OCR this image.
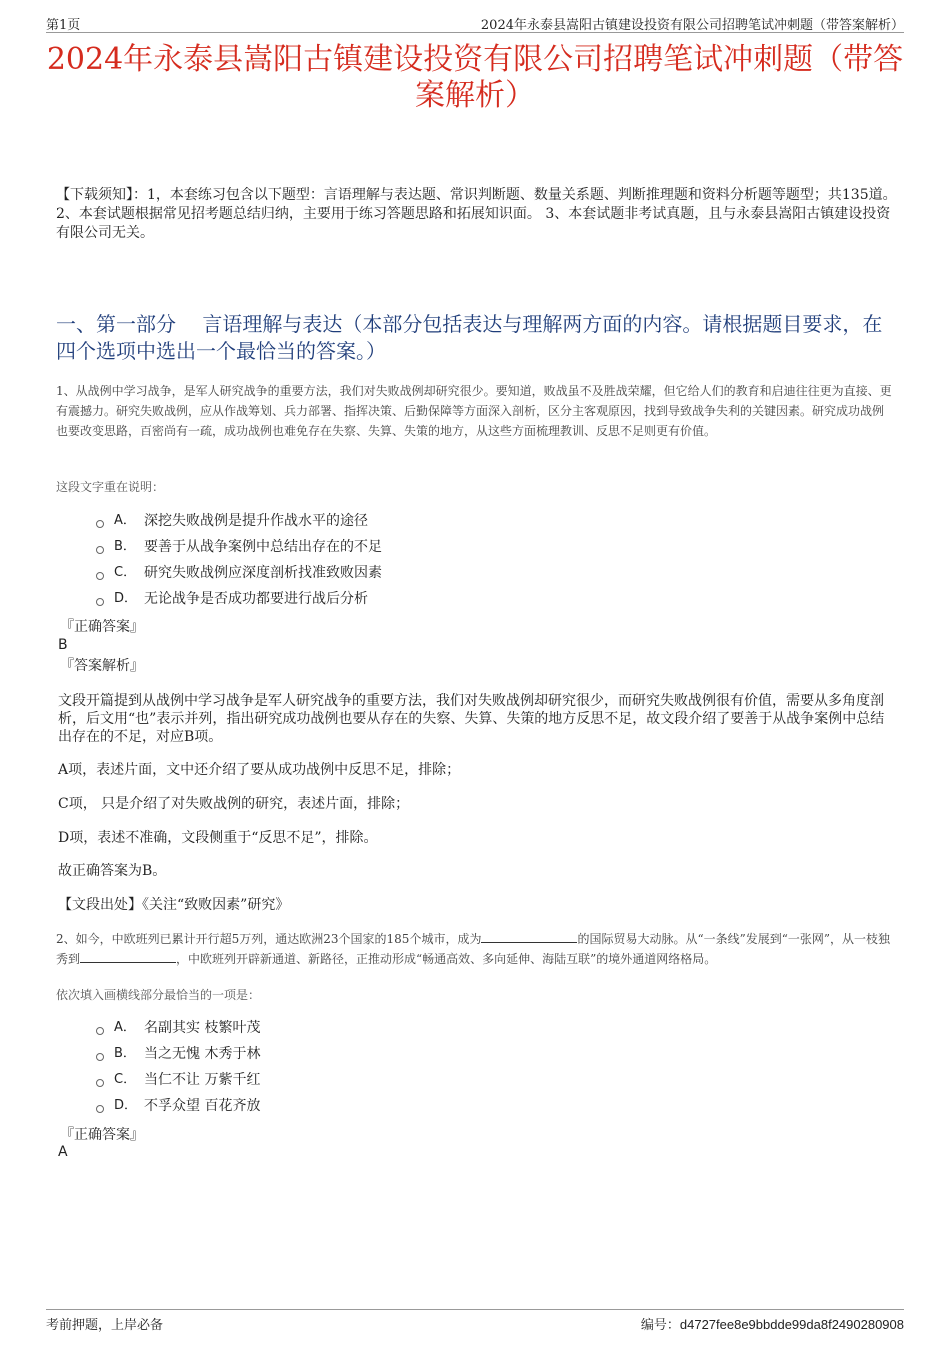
第1页	2024年永泰县嵩阳古镇建设投资有限公司招聘笔试冲刺题（带答案解析）
2024年永泰县嵩阳古镇建设投资有限公司招聘笔试冲刺题（带答案解析）
【下载须知】：1，本套练习包含以下题型：言语理解与表达题、常识判断题、数量关系题、判断推理题和资料分析题等题型；共135道。 2、本套试题根据常见招考题总结归纳，主要用于练习答题思路和拓展知识面。 3、本套试题非考试真题，且与永泰县嵩阳古镇建设投资有限公司无关。
一、第一部分　 言语理解与表达（本部分包括表达与理解两方面的内容。请根据题目要求，在四个选项中选出一个最恰当的答案。）
1、从战例中学习战争，是军人研究战争的重要方法，我们对失败战例却研究很少。要知道，败战虽不及胜战荣耀，但它给人们的教育和启迪往往更为直接、更有震撼力。研究失败战例，应从作战筹划、兵力部署、指挥决策、后勤保障等方面深入剖析，区分主客观原因，找到导致战争失利的关键因素。研究成功战例也要改变思路，百密尚有一疏，成功战例也难免存在失察、失算、失策的地方，从这些方面梳理教训、反思不足则更有价值。
这段文字重在说明：
A． 深挖失败战例是提升作战水平的途径
B． 要善于从战争案例中总结出存在的不足
C． 研究失败战例应深度剖析找准致败因素
D． 无论战争是否成功都要进行战后分析
『正确答案』
B
『答案解析』
文段开篇提到从战例中学习战争是军人研究战争的重要方法，我们对失败战例却研究很少，而研究失败战例很有价值，需要从多角度剖析，后文用“也”表示并列，指出研究成功战例也要从存在的失察、失算、失策的地方反思不足，故文段介绍了要善于从战争案例中总结出存在的不足，对应B项。
A项，表述片面，文中还介绍了要从成功战例中反思不足，排除；
C项， 只是介绍了对失败战例的研究，表述片面，排除；
D项，表述不准确，文段侧重于“反思不足”，排除。
故正确答案为B。
【文段出处】《关注“致败因素”研究》
2、如今，中欧班列已累计开行超5万列，通达欧洲23个国家的185个城市，成为	的国际贸易大动脉。从“一条线”发展到“一张网”，从一枝独秀到	，中欧班列开辟新通道、新路径，正推动形成“畅通高效、多向延伸、海陆互联”的境外通道网络格局。
依次填入画横线部分最恰当的一项是：
A． 名副其实 枝繁叶茂
B． 当之无愧 木秀于林
C． 当仁不让 万紫千红
D． 不孚众望 百花齐放
『正确答案』
A
考前押题，上岸必备	编号：d4727fee8e9bbdde99da8f2490280908
